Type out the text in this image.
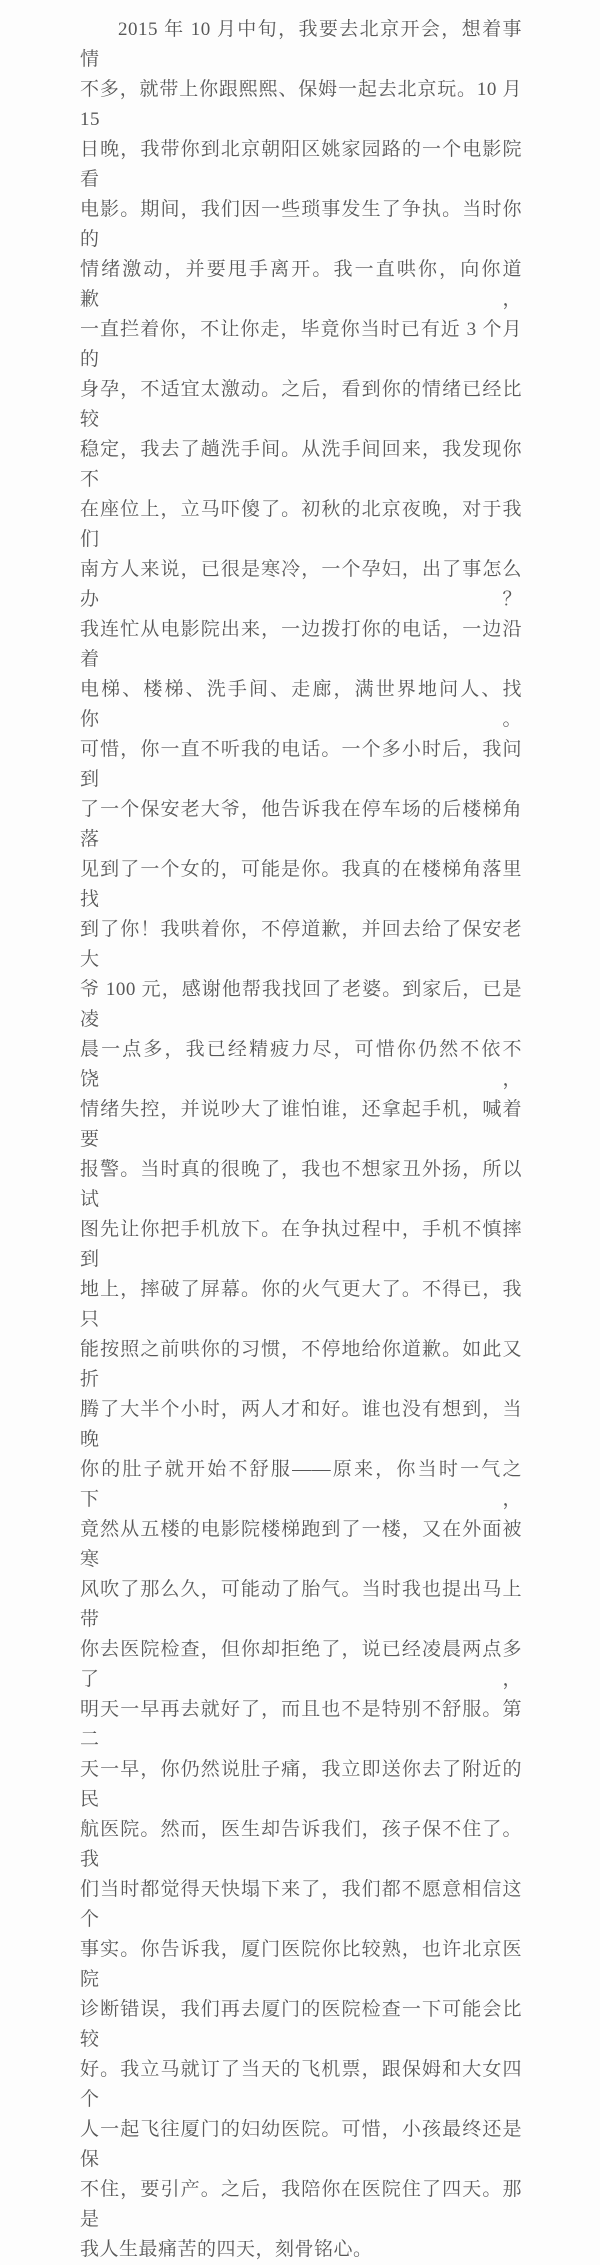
2015 年 10 月中旬，我要去北京开会，想着事情
不多，就带上你跟熙熙、保姆一起去北京玩。10 月 15
日晚，我带你到北京朝阳区姚家园路的一个电影院看
电影。期间，我们因一些琐事发生了争执。当时你的
情绪激动，并要甩手离开。我一直哄你，向你道歉，
一直拦着你，不让你走，毕竟你当时已有近 3 个月的
身孕，不适宜太激动。之后，看到你的情绪已经比较
稳定，我去了趟洗手间。从洗手间回来，我发现你不
在座位上，立马吓傻了。初秋的北京夜晚，对于我们
南方人来说，已很是寒冷，一个孕妇，出了事怎么办？
我连忙从电影院出来，一边拨打你的电话，一边沿着
电梯、楼梯、洗手间、走廊，满世界地问人、找你。
可惜，你一直不听我的电话。一个多小时后，我问到
了一个保安老大爷，他告诉我在停车场的后楼梯角落
见到了一个女的，可能是你。我真的在楼梯角落里找
到了你！我哄着你，不停道歉，并回去给了保安老大
爷 100 元，感谢他帮我找回了老婆。到家后，已是凌
晨一点多，我已经精疲力尽，可惜你仍然不依不饶，
情绪失控，并说吵大了谁怕谁，还拿起手机，喊着要
报警。当时真的很晚了，我也不想家丑外扬，所以试
图先让你把手机放下。在争执过程中，手机不慎摔到
地上，摔破了屏幕。你的火气更大了。不得已，我只
能按照之前哄你的习惯，不停地给你道歉。如此又折
腾了大半个小时，两人才和好。谁也没有想到，当晚
你的肚子就开始不舒服——原来，你当时一气之下，
竟然从五楼的电影院楼梯跑到了一楼，又在外面被寒
风吹了那么久，可能动了胎气。当时我也提出马上带
你去医院检查，但你却拒绝了，说已经凌晨两点多了，
明天一早再去就好了，而且也不是特别不舒服。第二
天一早，你仍然说肚子痛，我立即送你去了附近的民
航医院。然而，医生却告诉我们，孩子保不住了。我
们当时都觉得天快塌下来了，我们都不愿意相信这个
事实。你告诉我，厦门医院你比较熟，也许北京医院
诊断错误，我们再去厦门的医院检查一下可能会比较
好。我立马就订了当天的飞机票，跟保姆和大女四个
人一起飞往厦门的妇幼医院。可惜，小孩最终还是保
不住，要引产。之后，我陪你在医院住了四天。那是
我人生最痛苦的四天，刻骨铭心。
